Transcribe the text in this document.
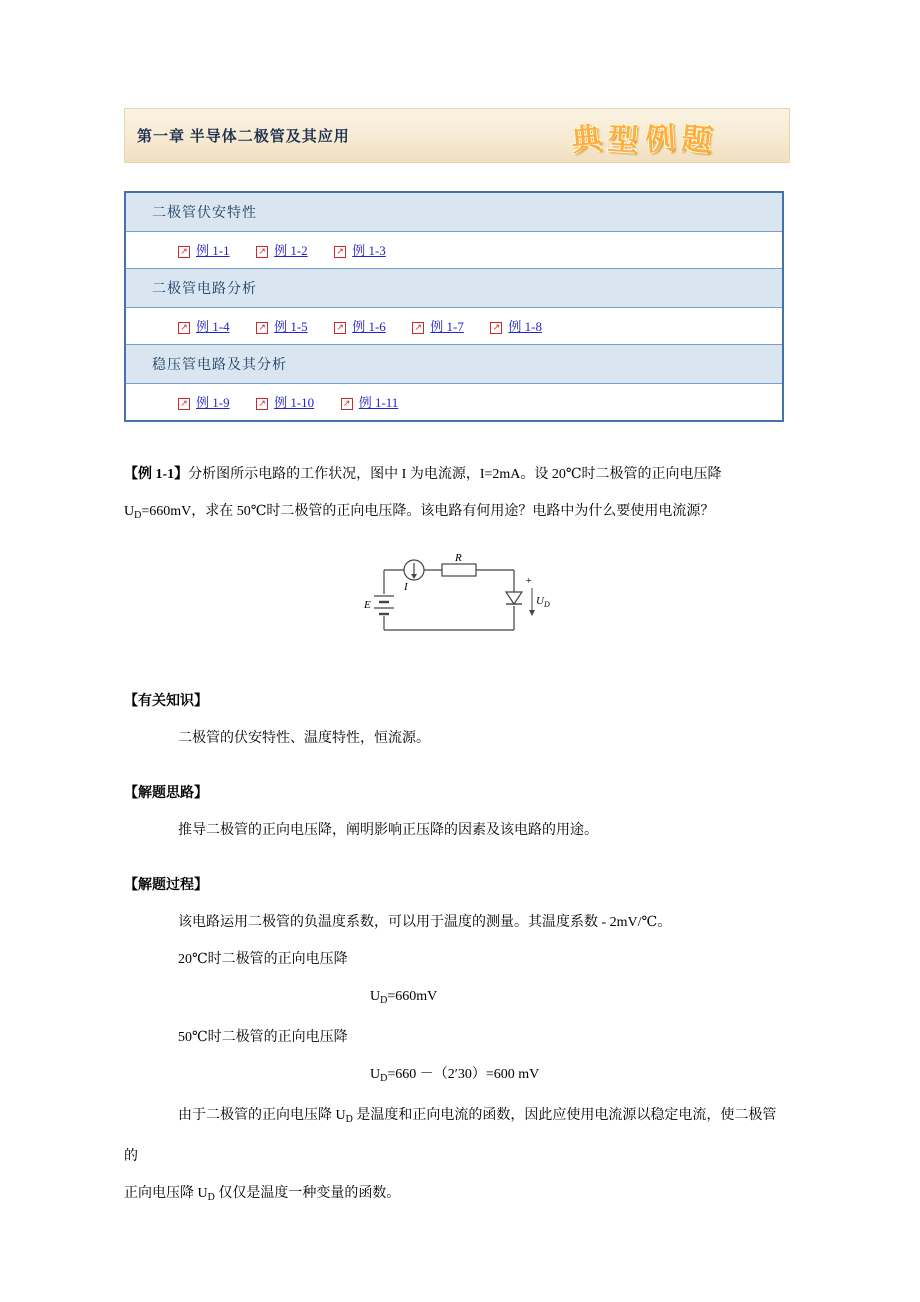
第一章 半导体二极管及其应用	典型例题
二极管伏安特性
↗ 例 1-1	↗ 例 1-2	↗ 例 1-3
二极管电路分析
↗ 例 1-4	↗ 例 1-5	↗ 例 1-6	↗ 例 1-7	↗ 例 1-8
稳压管电路及其分析
↗ 例 1-9	↗ 例 1-10	↗ 例 1-11
【例 1-1】分析图所示电路的工作状况，图中 I 为电流源，I=2mA。设 20℃时二极管的正向电压降
$U_D=660mV$，求在 50℃时二极管的正向电压降。该电路有何用途？电路中为什么要使用电流源？
I
R
E
+
$U_D$
【有关知识】
二极管的伏安特性、温度特性，恒流源。
【解题思路】
推导二极管的正向电压降，阐明影响正压降的因素及该电路的用途。
【解题过程】
该电路运用二极管的负温度系数，可以用于温度的测量。其温度系数 - 2mV/℃。
20℃时二极管的正向电压降
$U_D=660mV$
50℃时二极管的正向电压降
$U_D=660 -(2'30)=600$ mV
由于二极管的正向电压降 $U_D$ 是温度和正向电流的函数，因此应使用电流源以稳定电流，使二极管的
正向电压降 $U_D$ 仅仅是温度一种变量的函数。
